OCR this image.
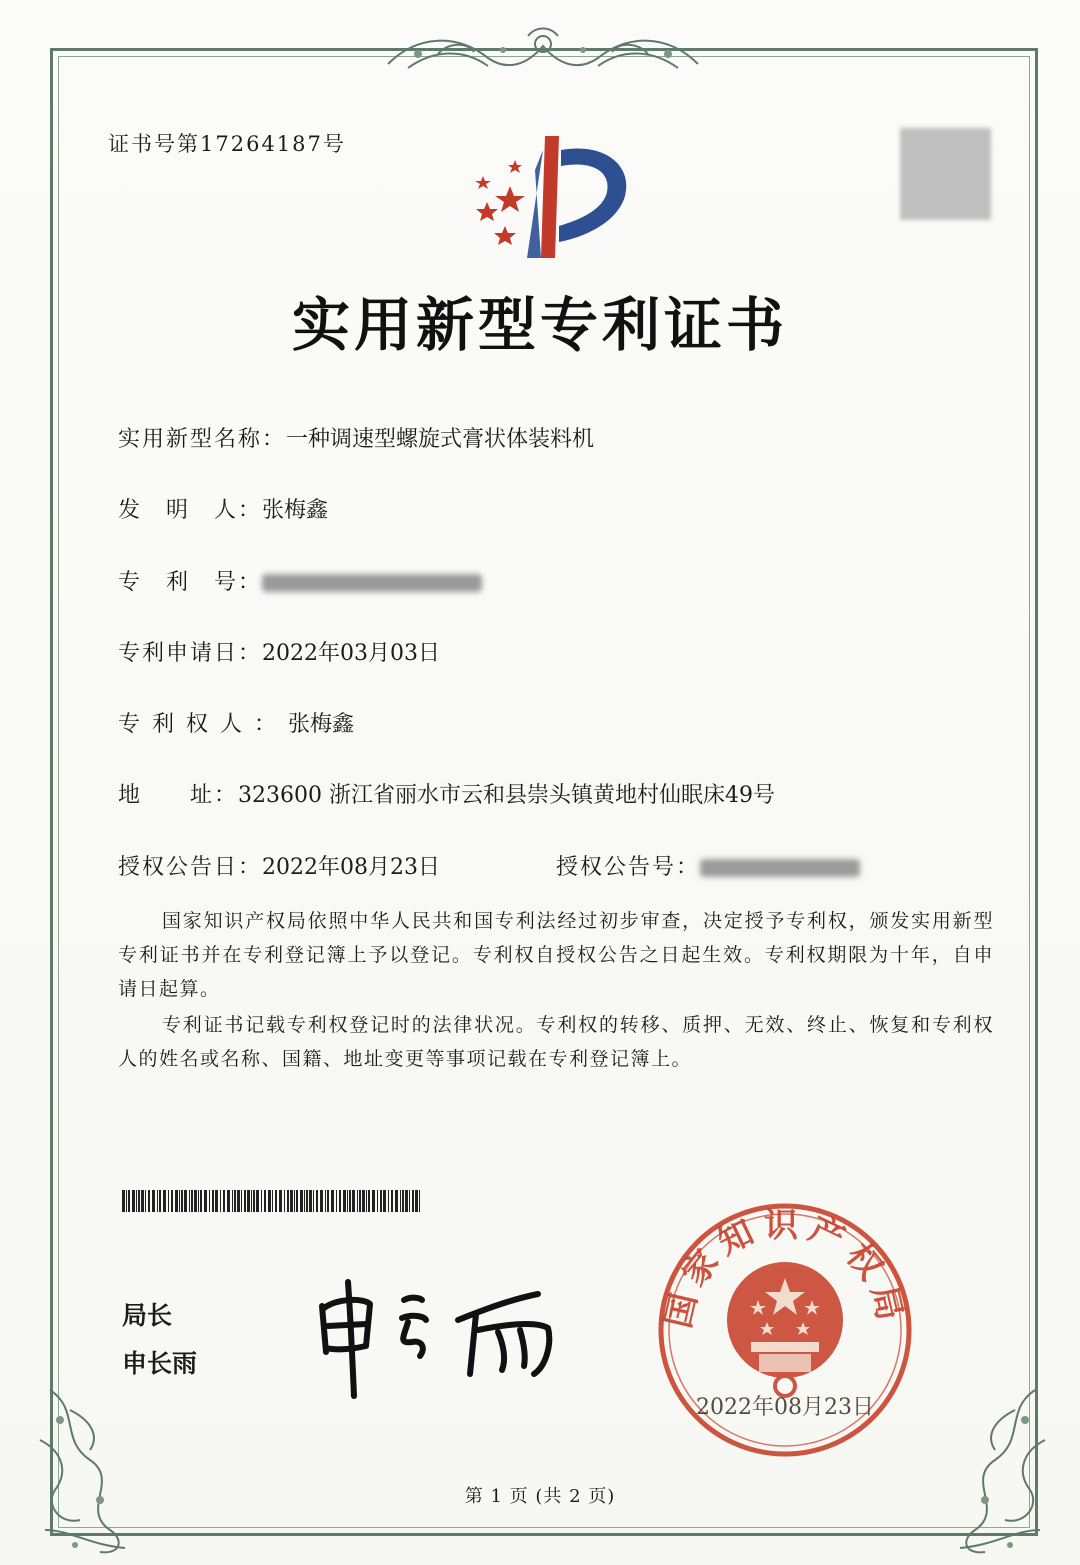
证书号第17264187号
实用新型专利证书
实用新型名称：一种调速型螺旋式膏状体装料机
发　明　人：张梅鑫
专　利　号：
专利申请日：2022年03月03日
专利权人：张梅鑫
地　　址：323600 浙江省丽水市云和县崇头镇黄地村仙眠床49号
授权公告日：2022年08月23日	授权公告号：
国家知识产权局依照中华人民共和国专利法经过初步审查，决定授予专利权，颁发实用新型专利证书并在专利登记簿上予以登记。专利权自授权公告之日起生效。专利权期限为十年，自申请日起算。
专利证书记载专利权登记时的法律状况。专利权的转移、质押、无效、终止、恢复和专利权人的姓名或名称、国籍、地址变更等事项记载在专利登记簿上。
局长
申长雨
国家知识产权局
2022年08月23日
第 1 页 (共 2 页)
